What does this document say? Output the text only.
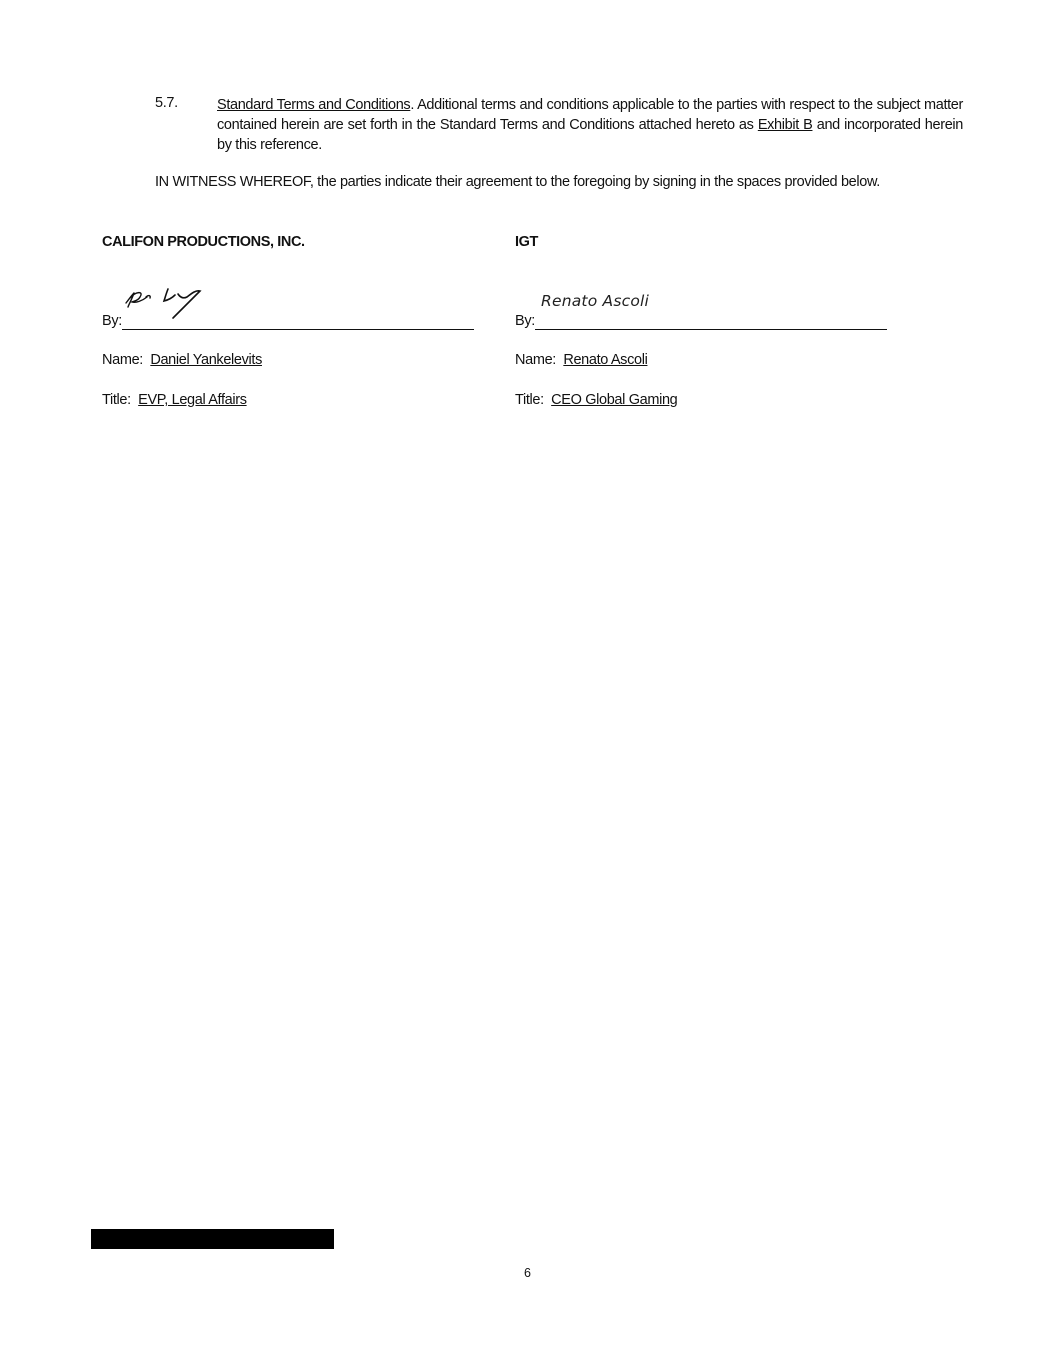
5.7.	Standard Terms and Conditions. Additional terms and conditions applicable to the parties with respect to the subject matter contained herein are set forth in the Standard Terms and Conditions attached hereto as Exhibit B and incorporated herein by this reference.
IN WITNESS WHEREOF, the parties indicate their agreement to the foregoing by signing in the spaces provided below.
CALIFON PRODUCTIONS, INC.	IGT
Renato Ascoli
By:	By:
Name: Daniel Yankelevits	Name: Renato Ascoli
Title: EVP, Legal Affairs	Title: CEO Global Gaming
6
